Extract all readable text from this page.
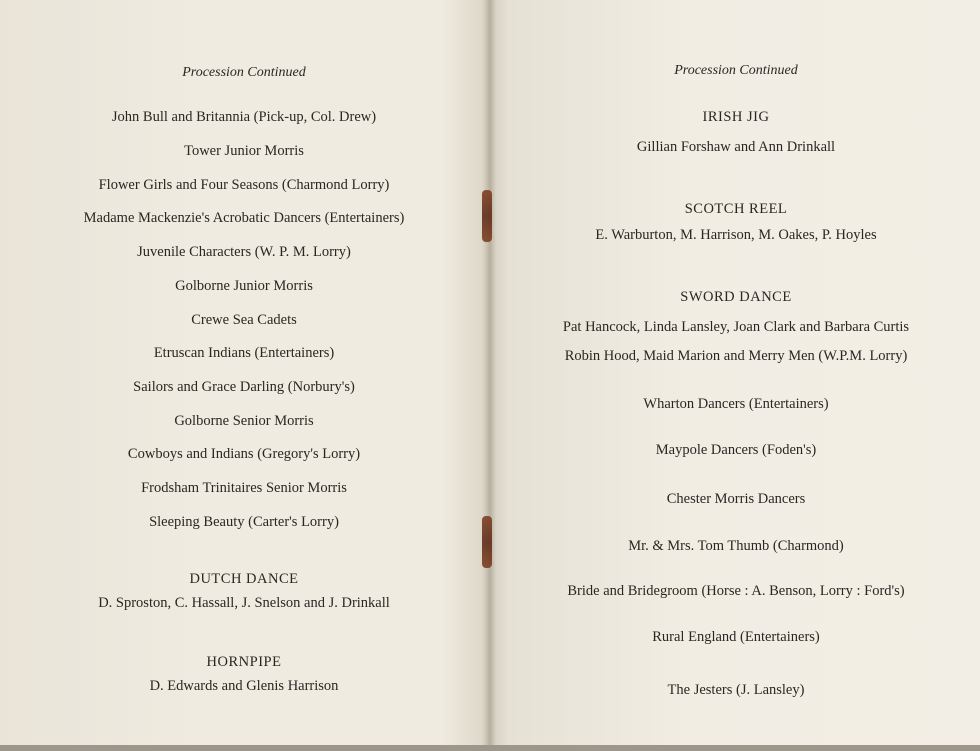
Procession Continued
John Bull and Britannia (Pick-up, Col. Drew)
Tower Junior Morris
Flower Girls and Four Seasons (Charmond Lorry)
Madame Mackenzie's Acrobatic Dancers (Entertainers)
Juvenile Characters (W. P. M. Lorry)
Golborne Junior Morris
Crewe Sea Cadets
Etruscan Indians (Entertainers)
Sailors and Grace Darling (Norbury's)
Golborne Senior Morris
Cowboys and Indians (Gregory's Lorry)
Frodsham Trinitaires Senior Morris
Sleeping Beauty (Carter's Lorry)
DUTCH DANCE
D. Sproston, C. Hassall, J. Snelson and J. Drinkall
HORNPIPE
D. Edwards and Glenis Harrison
Procession Continued
IRISH JIG
Gillian Forshaw and Ann Drinkall
SCOTCH REEL
E. Warburton, M. Harrison, M. Oakes, P. Hoyles
SWORD DANCE
Pat Hancock, Linda Lansley, Joan Clark and Barbara Curtis
Robin Hood, Maid Marion and Merry Men (W.P.M. Lorry)
Wharton Dancers (Entertainers)
Maypole Dancers (Foden's)
Chester Morris Dancers
Mr. & Mrs. Tom Thumb (Charmond)
Bride and Bridegroom (Horse : A. Benson, Lorry : Ford's)
Rural England (Entertainers)
The Jesters (J. Lansley)
